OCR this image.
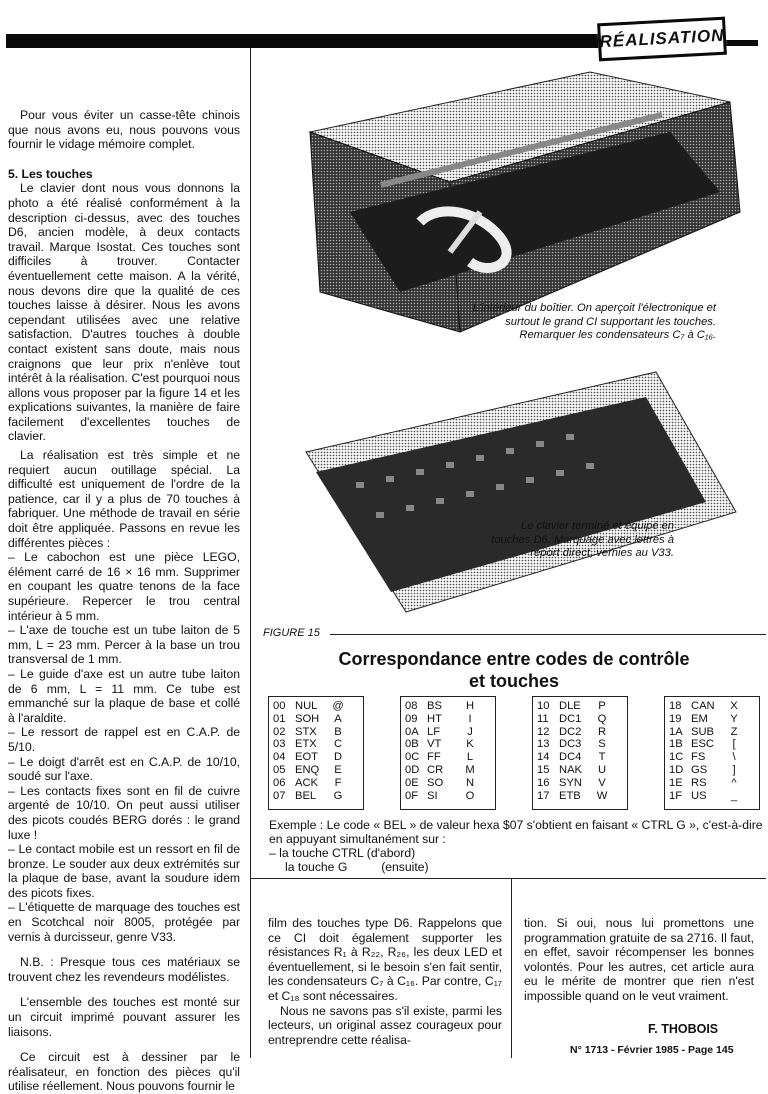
RÉALISATION

Pour vous éviter un casse-tête chinois que nous avons eu, nous pouvons vous fournir le vidage mémoire complet.

5. Les touches

Le clavier dont nous vous donnons la photo a été réalisé conformément à la description ci-dessus, avec des touches D6, ancien modèle, à deux contacts travail. Marque Isostat. Ces touches sont difficiles à trouver. Contacter éventuellement cette maison. A la vérité, nous devons dire que la qualité de ces touches laisse à désirer. Nous les avons cependant utilisées avec une relative satisfaction. D'autres touches à double contact existent sans doute, mais nous craignons que leur prix n'enlève tout intérêt à la réalisation. C'est pourquoi nous allons vous proposer par la figure 14 et les explications suivantes, la manière de faire facilement d'excellentes touches de clavier.

La réalisation est très simple et ne requiert aucun outillage spécial. La difficulté est uniquement de l'ordre de la patience, car il y a plus de 70 touches à fabriquer. Une méthode de travail en série doit être appliquée. Passons en revue les différentes pièces :

– Le cabochon est une pièce LEGO, élément carré de 16 × 16 mm. Supprimer en coupant les quatre tenons de la face supérieure. Repercer le trou central intérieur à 5 mm.

– L'axe de touche est un tube laiton de 5 mm, L = 23 mm. Percer à la base un trou transversal de 1 mm.

– Le guide d'axe est un autre tube laiton de 6 mm, L = 11 mm. Ce tube est emmanché sur la plaque de base et collé à l'araldite.

– Le ressort de rappel est en C.A.P. de 5/10.

– Le doigt d'arrêt est en C.A.P. de 10/10, soudé sur l'axe.

– Les contacts fixes sont en fil de cuivre argenté de 10/10. On peut aussi utiliser des picots coudés BERG dorés : le grand luxe !

– Le contact mobile est un ressort en fil de bronze. Le souder aux deux extrémités sur la plaque de base, avant la soudure idem des picots fixes.

– L'étiquette de marquage des touches est en Scotchcal noir 8005, protégée par vernis à durcisseur, genre V33.

N.B. : Presque tous ces matériaux se trouvent chez les revendeurs modélistes.

L'ensemble des touches est monté sur un circuit imprimé pouvant assurer les liaisons.

Ce circuit est à dessiner par le réalisateur, en fonction des pièces qu'il utilise réellement. Nous pouvons fournir le

L'intérieur du boîtier. On aperçoit l'électronique et surtout le grand CI supportant les touches. Remarquer les condensateurs C₇ à C₁₆.
Le clavier terminé et équipé en touches D6. Marquage avec lettres à report direct, vernies au V33.
FIGURE 15
Correspondance entre codes de contrôle
et touches
00 NUL	@
01 SOH	A
02 STX	B
03 ETX	C
04 EOT	D
05 ENQ	E
06 ACK	F
07 BEL	G
08 BS	H
09 HT	I
0A LF	J
0B VT	K
0C FF	L
0D CR	M
0E SO	N
0F SI	O
10 DLE	P
11 DC1	Q
12 DC2	R
13 DC3	S
14 DC4	T
15 NAK	U
16 SYN	V
17 ETB	W
18 CAN	X
19 EM	Y
1A SUB	Z
1B ESC	[
1C FS	\
1D GS	]
1E RS	^
1F US	_
Exemple : Le code « BEL » de valeur hexa $07 s'obtient en faisant « CTRL G », c'est-à-dire en appuyant simultanément sur :
– la touche CTRL (d'abord)
la touche G          (ensuite)

film des touches type D6. Rappelons que ce CI doit également supporter les résistances R₁ à R₂₂, R₂₆, les deux LED et éventuellement, si le besoin s'en fait sentir, les condensateurs C₇ à C₁₆. Par contre, C₁₇ et C₁₈ sont nécessaires.

Nous ne savons pas s'il existe, parmi les lecteurs, un original assez courageux pour entreprendre cette réalisa-

tion. Si oui, nous lui promettons une programmation gratuite de sa 2716. Il faut, en effet, savoir récompenser les bonnes volontés. Pour les autres, cet article aura eu le mérite de montrer que rien n'est impossible quand on le veut vraiment.

F. THOBOIS
N° 1713 - Février 1985 - Page 145
